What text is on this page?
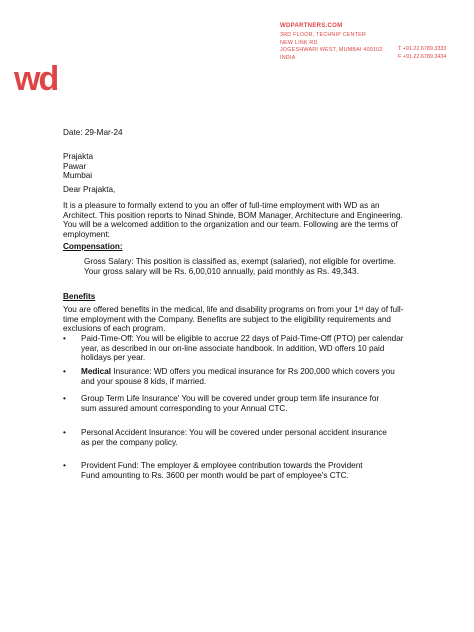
wd
WDPARTNERS.COM
3RD FLOOR, TECHNIP CENTER
NEW LINK RD
JOGESHWARI WEST, MUMBAI 400102
INDIA
T +91.22.6789.3333
F +91.22.6789.3434
Date: 29-Mar-24
Prajakta
Pawar
Mumbai
Dear Prajakta,
It is a pleasure to formally extend to you an offer of full-time employment with WD as an
Architect. This position reports to Ninad Shinde, BOM Manager, Architecture and Engineering.
You will be a welcomed addition to the organization and our team. Following are the terms of
employment:
Compensation:
Gross Salary: This position is classified as, exempt (salaried), not eligible for overtime.
Your gross salary will be Rs. 6,00,010 annually, paid monthly as Rs. 49,343.
Benefits
You are offered benefits in the medical, life and disability programs on from your 1ˢᵗ day of full-
time employment with the Company. Benefits are subject to the eligibility requirements and
exclusions of each program.
•	Paid-Time-Off: You will be eligible to accrue 22 days of Paid-Time-Off (PTO) per calendar
year, as described in our on-line associate handbook. In addition, WD offers 10 paid
holidays per year.
•	Medical Insurance: WD offers you medical insurance for Rs 200,000 which covers you
and your spouse 8 kids, if married.
•	Group Term Life Insurance' You will be covered under group term life insurance for
sum assured amount corresponding to your Annual CTC.
•	Personal Accident Insurance: You will be covered under personal accident insurance
as per the company policy.
•	Provident Fund: The employer & employee contribution towards the Provident
Fund amounting to Rs. 3600 per month would be part of employee's CTC.
